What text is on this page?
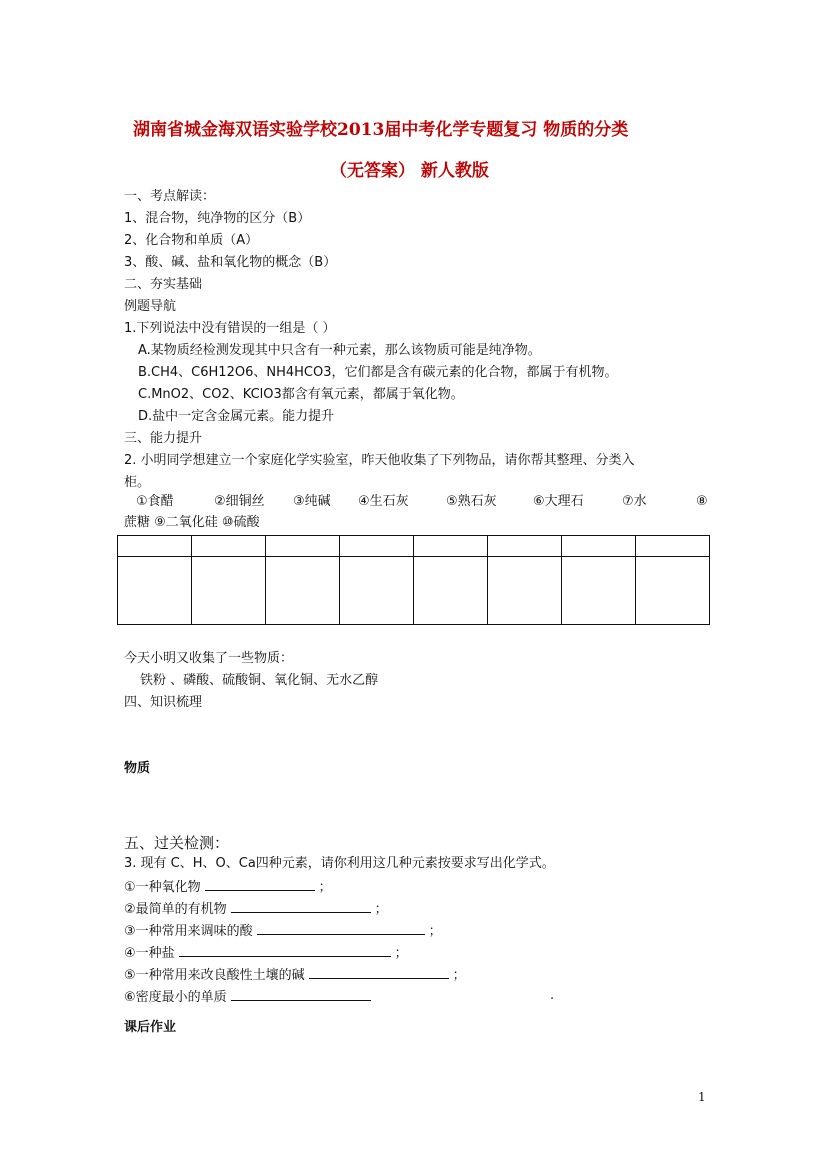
湖南省城金海双语实验学校2013届中考化学专题复习 物质的分类
（无答案） 新人教版
一、考点解读：
1、混合物，纯净物的区分（B）
2、化合物和单质（A）
3、酸、碱、盐和氧化物的概念（B）
二、夯实基础
例题导航
1.下列说法中没有错误的一组是（ ）
A.某物质经检测发现其中只含有一种元素，那么该物质可能是纯净物。
B.CH4、C6H12O6、NH4HCO3，它们都是含有碳元素的化合物，都属于有机物。
C.MnO2、CO2、KClO3都含有氧元素，都属于氧化物。
D.盐中一定含金属元素。能力提升
三、能力提升
2. 小明同学想建立一个家庭化学实验室，昨天他收集了下列物品，请你帮其整理、分类入
柜。
①食醋	②细铜丝 ③纯碱 ④生石灰	⑤熟石灰	⑥大理石	⑦水	⑧
蔗糖 ⑨二氧化硅 ⑩硫酸

今天小明又收集了一些物质：
铁粉 、磷酸、硫酸铜、氧化铜、无水乙醇
四、知识梳理
物质
五、过关检测：
3. 现有 C、H、O、Ca四种元素，请你利用这几种元素按要求写出化学式。
①一种氧化物	；
②最简单的有机物	；
③一种常用来调味的酸	；
④一种盐	；
⑤一种常用来改良酸性土壤的碱	；
⑥密度最小的单质	.
课后作业
1
